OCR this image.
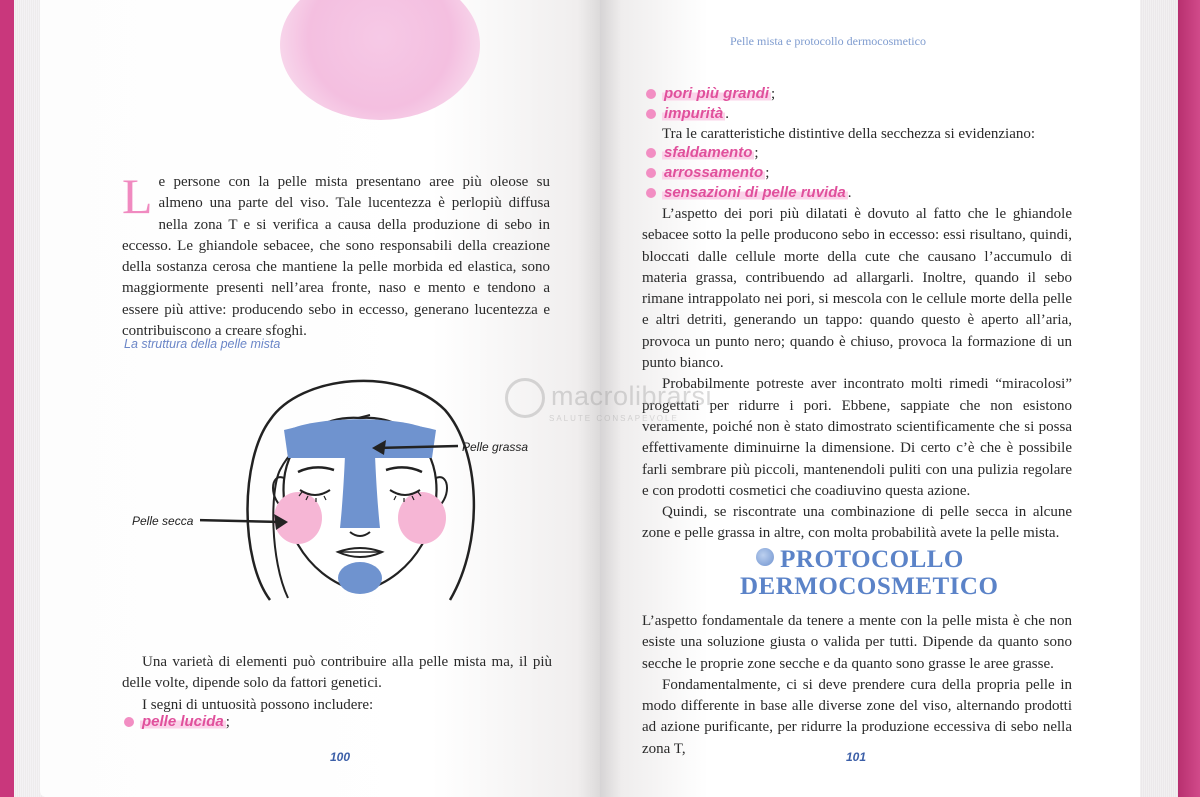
Le persone con la pelle mista presentano aree più oleose su almeno una parte del viso. Tale lucentezza è perlopiù diffusa nella zona T e si verifica a causa della produzione di sebo in eccesso. Le ghiandole sebacee, che sono responsabili della creazione della sostanza cerosa che mantiene la pelle morbida ed elastica, sono maggiormente presenti nell’area fronte, naso e mento e tendono a essere più attive: producendo sebo in eccesso, generano lucentezza e contribuiscono a creare sfoghi.
La struttura della pelle mista
Pelle grassa
Pelle secca

Una varietà di elementi può contribuire alla pelle mista ma, il più delle volte, dipende solo da fattori genetici.

I segni di untuosità possono includere:

pelle lucida ;
100
Pelle mista e protocollo dermocosmetico
pori più grandi ;
impurità .

Tra le caratteristiche distintive della secchezza si evidenziano:

sfaldamento ;
arrossamento ;
sensazioni di pelle ruvida .

L’aspetto dei pori più dilatati è dovuto al fatto che le ghiandole sebacee sotto la pelle producono sebo in eccesso: essi risultano, quindi, bloccati dalle cellule morte della cute che causano l’accumulo di materia grassa, contribuendo ad allargarli. Inoltre, quando il sebo rimane intrappolato nei pori, si mescola con le cellule morte della pelle e altri detriti, generando un tappo: quando questo è aperto all’aria, provoca un punto nero; quando è chiuso, provoca la formazione di un punto bianco.

Probabilmente potreste aver incontrato molti rimedi “miracolosi” progettati per ridurre i pori. Ebbene, sappiate che non esistono veramente, poiché non è stato dimostrato scientificamente che si possa effettivamente diminuirne la dimensione. Di certo c’è che è possibile farli sembrare più piccoli, mantenendoli puliti con una pulizia regolare e con prodotti cosmetici che coadiuvino questa azione.

Quindi, se riscontrate una combinazione di pelle secca in alcune zone e pelle grassa in altre, con molta probabilità avete la pelle mista.

PROTOCOLLO
DERMOCOSMETICO

L’aspetto fondamentale da tenere a mente con la pelle mista è che non esiste una soluzione giusta o valida per tutti. Dipende da quanto sono secche le proprie zone secche e da quanto sono grasse le aree grasse.

Fondamentalmente, ci si deve prendere cura della propria pelle in modo differente in base alle diverse zone del viso, alternando prodotti ad azione purificante, per ridurre la produzione eccessiva di sebo nella zona T,

101
macrolibrarsi
SALUTE CONSAPEVOLE
